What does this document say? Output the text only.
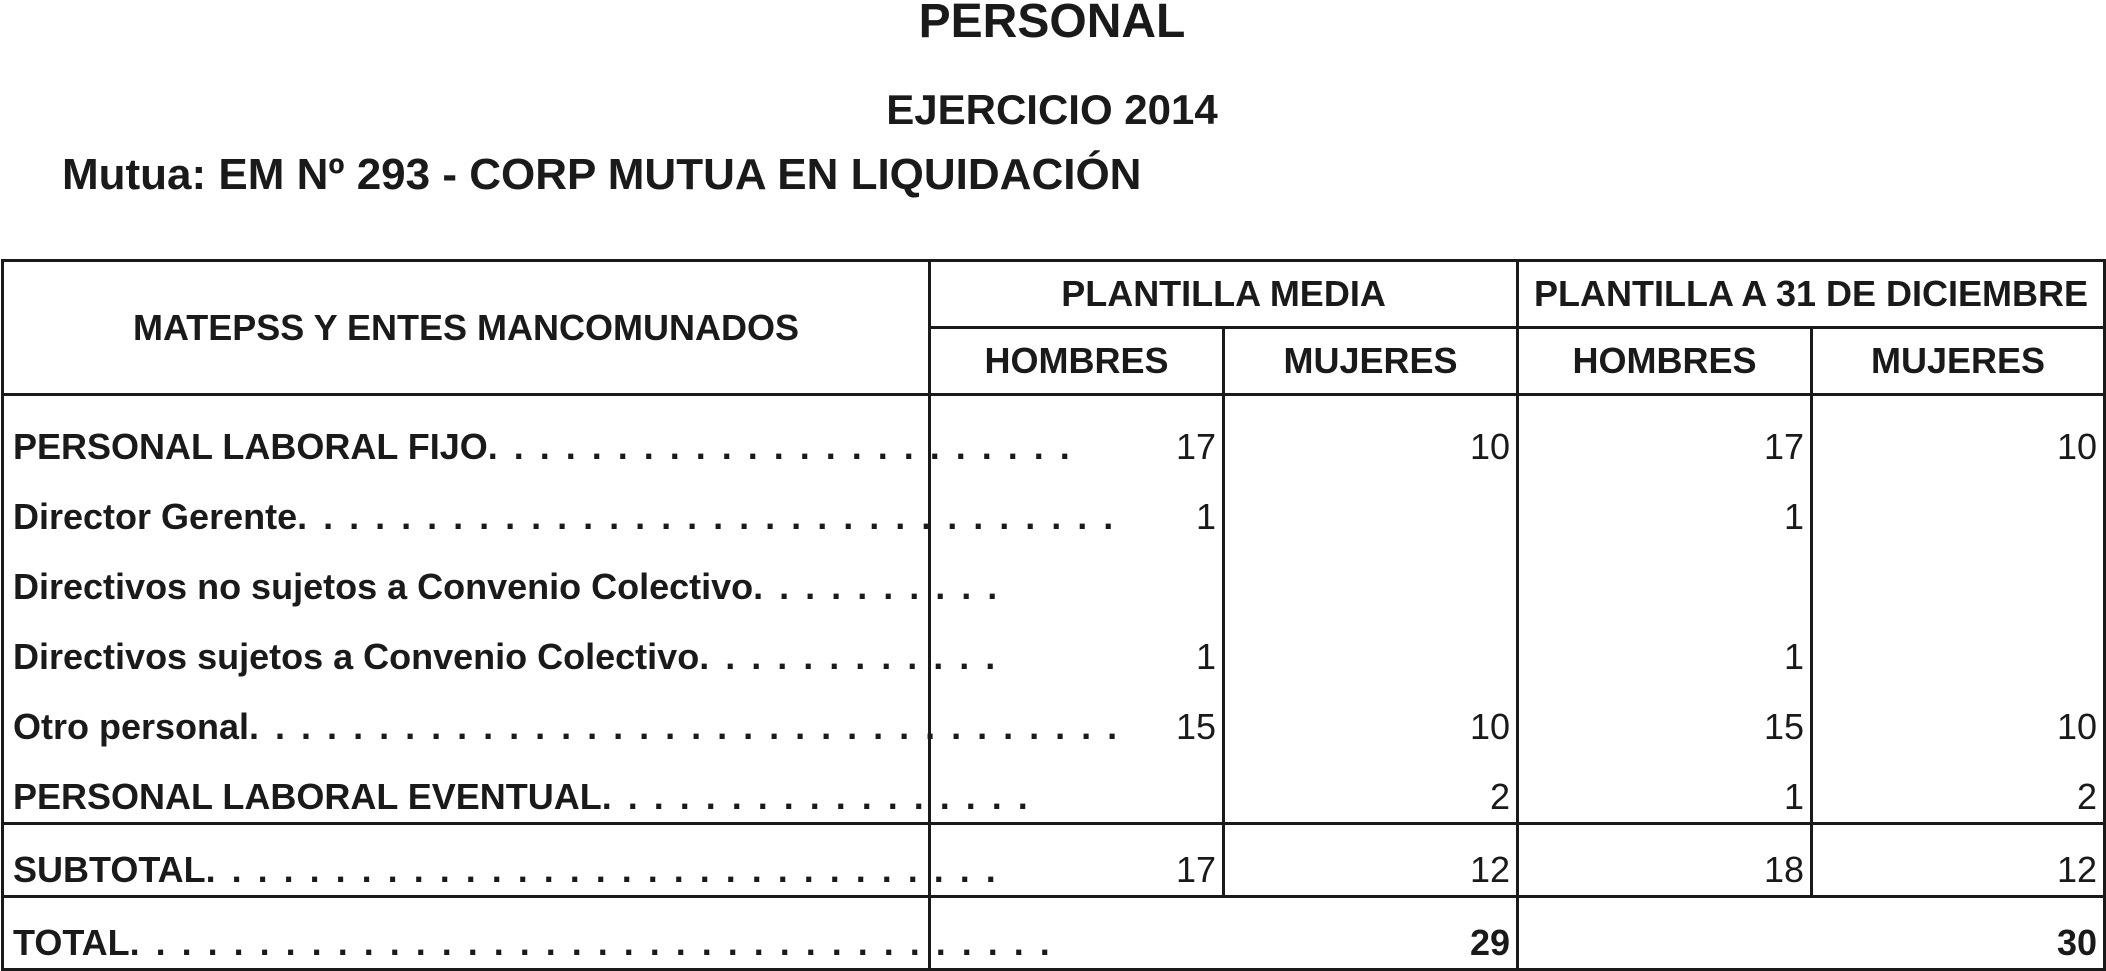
PERSONAL
EJERCICIO 2014
Mutua: EM Nº 293 - CORP MUTUA EN LIQUIDACIÓN
MATEPSS Y ENTES MANCOMUNADOS	PLANTILLA MEDIA		PLANTILLA A 31 DE DICIEMBRE	
	HOMBRES	MUJERES	HOMBRES	MUJERES
PERSONAL LABORAL FIJO. . . . . . . . . . . . . . . . . . . . . . .	17	10	17	10
Director Gerente. . . . . . . . . . . . . . . . . . . . . . . . . . . . . . . .	1		1	
Directivos no sujetos a Convenio Colectivo. . . . . . . . . .				
Directivos sujetos a Convenio Colectivo. . . . . . . . . . . .	1		1	
Otro personal. . . . . . . . . . . . . . . . . . . . . . . . . . . . . . . . . .	15	10	15	10
PERSONAL LABORAL EVENTUAL. . . . . . . . . . . . . . . . .		2	1	2
SUBTOTAL. . . . . . . . . . . . . . . . . . . . . . . . . . . . . . .	17	12	18	12
TOTAL. . . . . . . . . . . . . . . . . . . . . . . . . . . . . . . . . . . .	29		30	
